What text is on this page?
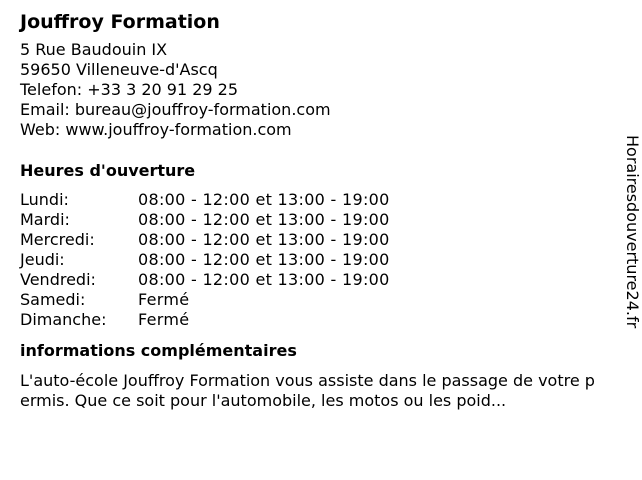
Jouffroy Formation
5 Rue Baudouin IX
59650 Villeneuve-d'Ascq
Telefon: +33 3 20 91 29 25
Email: bureau@jouffroy-formation.com
Web: www.jouffroy-formation.com
Heures d'ouverture
Lundi:	08:00 - 12:00 et 13:00 - 19:00
Mardi:	08:00 - 12:00 et 13:00 - 19:00
Mercredi:	08:00 - 12:00 et 13:00 - 19:00
Jeudi:	08:00 - 12:00 et 13:00 - 19:00
Vendredi:	08:00 - 12:00 et 13:00 - 19:00
Samedi:	Fermé
Dimanche:	Fermé
informations complémentaires
L'auto-école Jouffroy Formation vous assiste dans le passage de votre permis. Que ce soit pour l'automobile, les motos ou les poid...
Horairesdouverture24.fr
